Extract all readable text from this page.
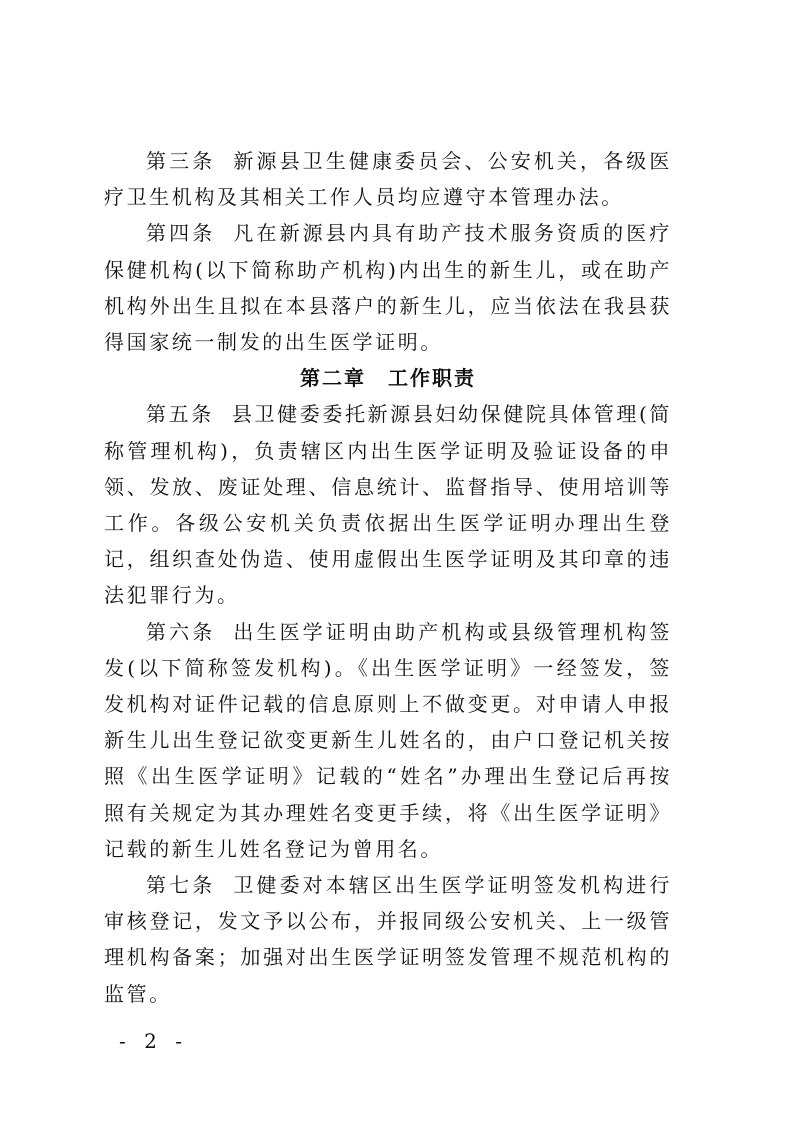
第三条 新源县卫生健康委员会、公安机关，各级医疗卫生机构及其相关工作人员均应遵守本管理办法。

第四条 凡在新源县内具有助产技术服务资质的医疗保健机构(以下简称助产机构)内出生的新生儿，或在助产机构外出生且拟在本县落户的新生儿，应当依法在我县获得国家统一制发的出生医学证明。

第二章 工作职责

第五条 县卫健委委托新源县妇幼保健院具体管理(简称管理机构)，负责辖区内出生医学证明及验证设备的申领、发放、废证处理、信息统计、监督指导、使用培训等工作。各级公安机关负责依据出生医学证明办理出生登记，组织查处伪造、使用虚假出生医学证明及其印章的违法犯罪行为。

第六条 出生医学证明由助产机构或县级管理机构签发(以下简称签发机构)。《出生医学证明》一经签发，签发机构对证件记载的信息原则上不做变更。对申请人申报新生儿出生登记欲变更新生儿姓名的，由户口登记机关按照《出生医学证明》记载的“姓名”办理出生登记后再按照有关规定为其办理姓名变更手续，将《出生医学证明》记载的新生儿姓名登记为曾用名。

第七条 卫健委对本辖区出生医学证明签发机构进行审核登记，发文予以公布，并报同级公安机关、上一级管理机构备案；加强对出生医学证明签发管理不规范机构的监管。

- 2 -
